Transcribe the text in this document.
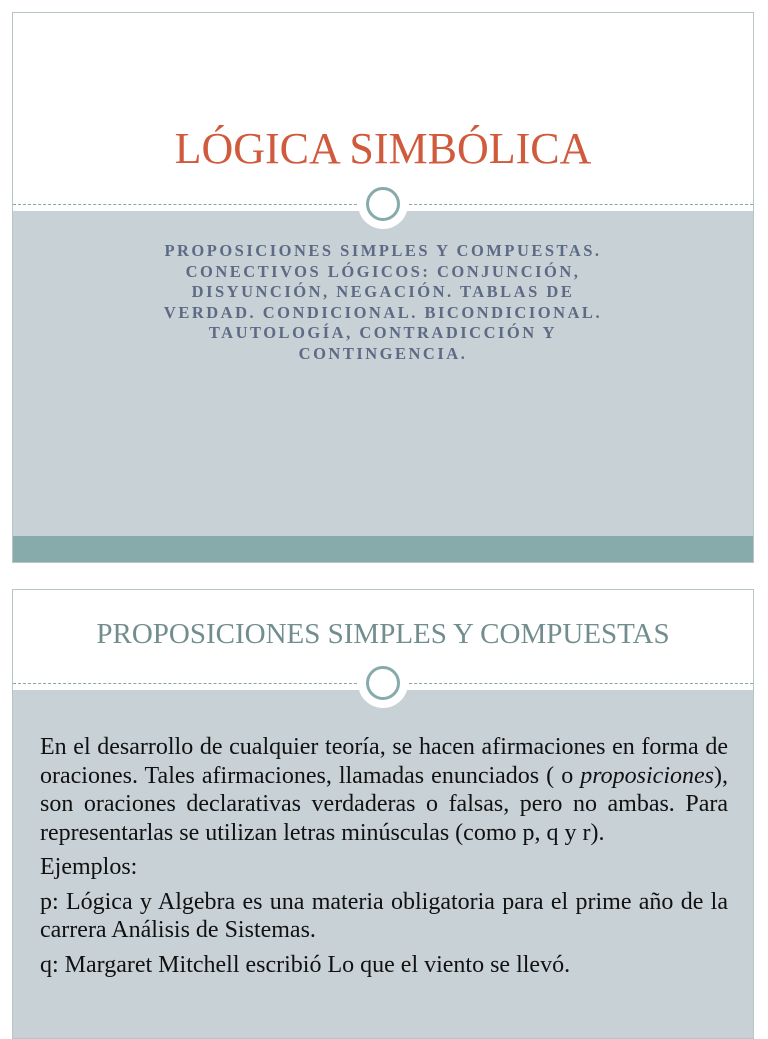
LÓGICA SIMBÓLICA
PROPOSICIONES SIMPLES Y COMPUESTAS.
CONECTIVOS LÓGICOS: CONJUNCIÓN,
DISYUNCIÓN, NEGACIÓN. TABLAS DE
VERDAD. CONDICIONAL. BICONDICIONAL.
TAUTOLOGÍA, CONTRADICCIÓN Y
CONTINGENCIA.
PROPOSICIONES SIMPLES Y COMPUESTAS

En el desarrollo de cualquier teoría, se hacen afirmaciones en forma de oraciones. Tales afirmaciones, llamadas enunciados ( o proposiciones), son oraciones declarativas verdaderas o falsas, pero no ambas. Para representarlas se utilizan letras minúsculas (como p, q y r).

Ejemplos:

p: Lógica y Algebra es una materia obligatoria para el prime año de la carrera Análisis de Sistemas.

q: Margaret Mitchell escribió Lo que el viento se llevó.
